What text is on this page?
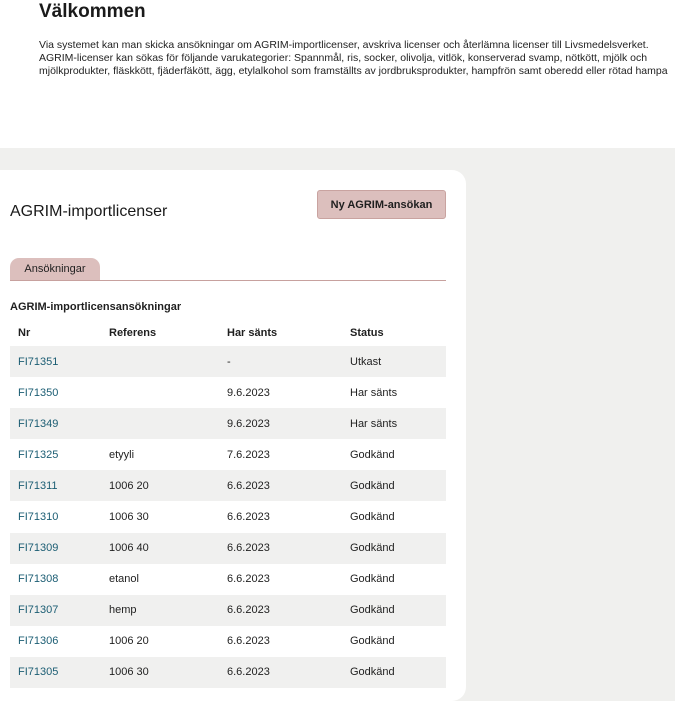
Välkommen

Via systemet kan man skicka ansökningar om AGRIM-importlicenser, avskriva licenser och återlämna licenser till Livsmedelsverket.
AGRIM-licenser kan sökas för följande varukategorier: Spannmål, ris, socker, olivolja, vitlök, konserverad svamp, nötkött, mjölk och
mjölkprodukter, fläskkött, fjäderfäkött, ägg, etylalkohol som framställts av jordbruksprodukter, hampfrön samt oberedd eller rötad hampa

AGRIM-importlicenser	Ny AGRIM-ansökan
Ansökningar
AGRIM-importlicensansökningar
Nr	Referens	Har sänts	Status
FI71351		-	Utkast
FI71350		9.6.2023	Har sänts
FI71349		9.6.2023	Har sänts
FI71325	etyyli	7.6.2023	Godkänd
FI71311	1006 20	6.6.2023	Godkänd
FI71310	1006 30	6.6.2023	Godkänd
FI71309	1006 40	6.6.2023	Godkänd
FI71308	etanol	6.6.2023	Godkänd
FI71307	hemp	6.6.2023	Godkänd
FI71306	1006 20	6.6.2023	Godkänd
FI71305	1006 30	6.6.2023	Godkänd
